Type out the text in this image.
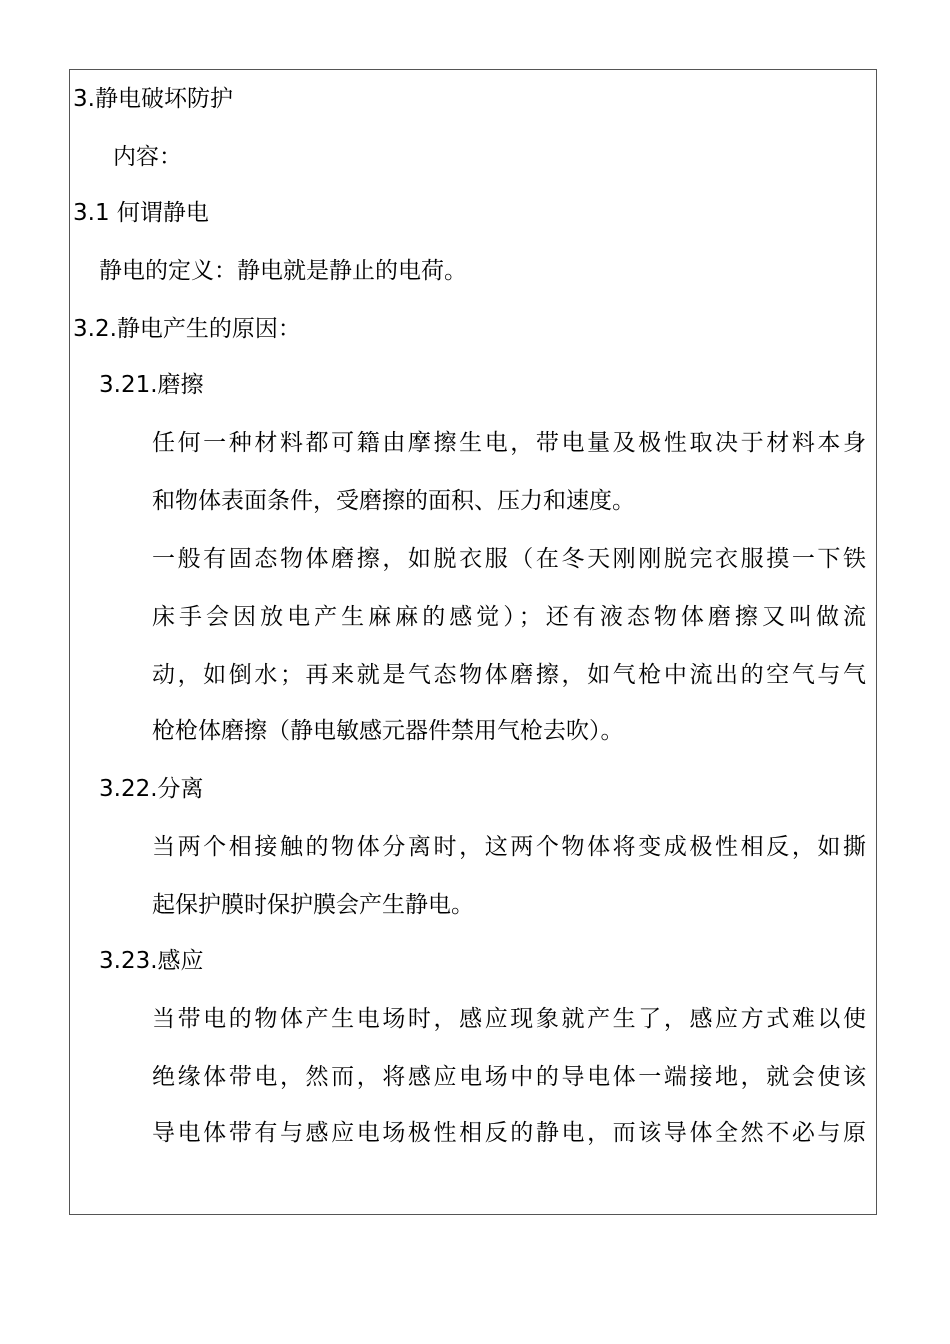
3.静电破坏防护
内容：
3.1 何谓静电
静电的定义：静电就是静止的电荷。
3.2.静电产生的原因：
3.21.磨擦
任何一种材料都可籍由摩擦生电，带电量及极性取决于材料本身
和物体表面条件，受磨擦的面积、压力和速度。
一般有固态物体磨擦，如脱衣服（在冬天刚刚脱完衣服摸一下铁
床手会因放电产生麻麻的感觉）；还有液态物体磨擦又叫做流
动，如倒水；再来就是气态物体磨擦，如气枪中流出的空气与气
枪枪体磨擦（静电敏感元器件禁用气枪去吹）。
3.22.分离
当两个相接触的物体分离时，这两个物体将变成极性相反，如撕
起保护膜时保护膜会产生静电。
3.23.感应
当带电的物体产生电场时，感应现象就产生了，感应方式难以使
绝缘体带电，然而，将感应电场中的导电体一端接地，就会使该
导电体带有与感应电场极性相反的静电，而该导体全然不必与原
